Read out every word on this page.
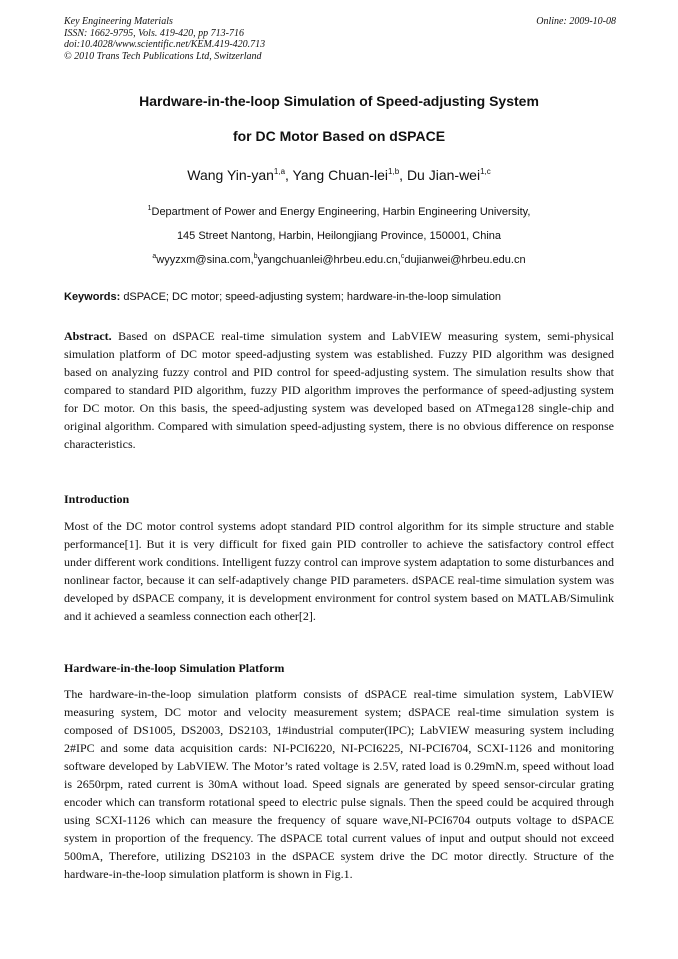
Key Engineering Materials
ISSN: 1662-9795, Vols. 419-420, pp 713-716
doi:10.4028/www.scientific.net/KEM.419-420.713
© 2010 Trans Tech Publications Ltd, Switzerland
Online: 2009-10-08
Hardware-in-the-loop Simulation of Speed-adjusting System
for DC Motor Based on dSPACE
Wang Yin-yan$^{1,a}$, Yang Chuan-lei$^{1,b}$, Du Jian-wei$^{1,c}$
$^1$Department of Power and Energy Engineering, Harbin Engineering University,
145 Street Nantong, Harbin, Heilongjiang Province, 150001, China
$^a$wyyzxm@sina.com,$^b$yangchuanlei@hrbeu.edu.cn,$^c$dujianwei@hrbeu.edu.cn
Keywords: dSPACE; DC motor; speed-adjusting system; hardware-in-the-loop simulation
Abstract. Based on dSPACE real-time simulation system and LabVIEW measuring system, semi-physical simulation platform of DC motor speed-adjusting system was established. Fuzzy PID algorithm was designed based on analyzing fuzzy control and PID control for speed-adjusting system. The simulation results show that compared to standard PID algorithm, fuzzy PID algorithm improves the performance of speed-adjusting system for DC motor. On this basis, the speed-adjusting system was developed based on ATmega128 single-chip and original algorithm. Compared with simulation speed-adjusting system, there is no obvious difference on response characteristics.
Introduction
Most of the DC motor control systems adopt standard PID control algorithm for its simple structure and stable performance[1]. But it is very difficult for fixed gain PID controller to achieve the satisfactory control effect under different work conditions. Intelligent fuzzy control can improve system adaptation to some disturbances and nonlinear factor, because it can self-adaptively change PID parameters. dSPACE real-time simulation system was developed by dSPACE company, it is development environment for control system based on MATLAB/Simulink and it achieved a seamless connection each other[2].
Hardware-in-the-loop Simulation Platform
The hardware-in-the-loop simulation platform consists of dSPACE real-time simulation system, LabVIEW measuring system, DC motor and velocity measurement system; dSPACE real-time simulation system is composed of DS1005, DS2003, DS2103, 1#industrial computer(IPC); LabVIEW measuring system including 2#IPC and some data acquisition cards: NI-PCI6220, NI-PCI6225, NI-PCI6704, SCXI-1126 and monitoring software developed by LabVIEW. The Motor’s rated voltage is 2.5V, rated load is 0.29mN.m, speed without load is 2650rpm, rated current is 30mA without load. Speed signals are generated by speed sensor-circular grating encoder which can transform rotational speed to electric pulse signals. Then the speed could be acquired through using SCXI-1126 which can measure the frequency of square wave,NI-PCI6704 outputs voltage to dSPACE system in proportion of the frequency. The dSPACE total current values of input and output should not exceed 500mA, Therefore, utilizing DS2103 in the dSPACE system drive the DC motor directly. Structure of the hardware-in-the-loop simulation platform is shown in Fig.1.
